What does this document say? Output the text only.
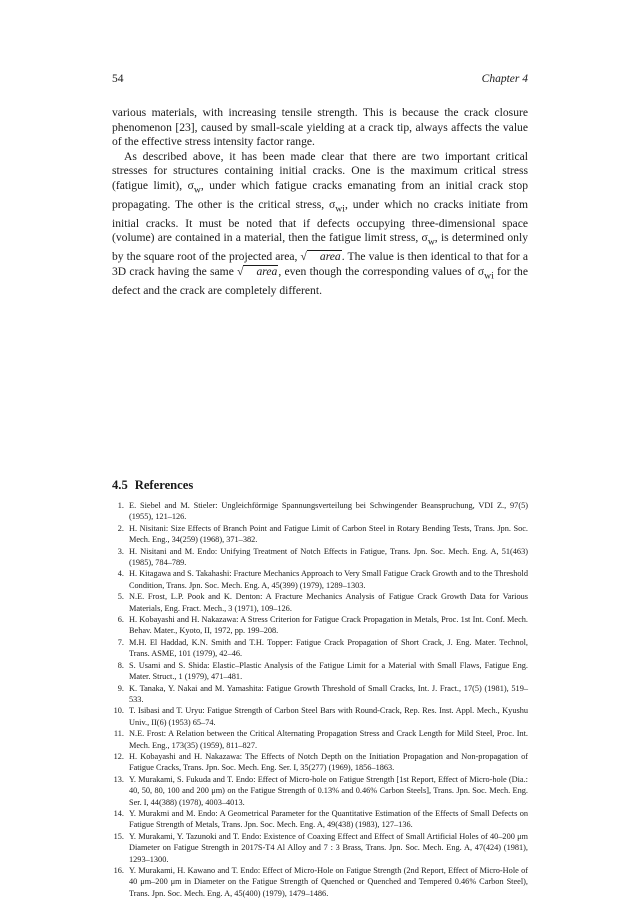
54	Chapter 4

various materials, with increasing tensile strength. This is because the crack closure phenomenon [23], caused by small-scale yielding at a crack tip, always affects the value of the effective stress intensity factor range.

As described above, it has been made clear that there are two important critical stresses for structures containing initial cracks. One is the maximum critical stress (fatigue limit), $\sigma_w$, under which fatigue cracks emanating from an initial crack stop propagating. The other is the critical stress, $\sigma_{wi}$, under which no cracks initiate from initial cracks. It must be noted that if defects occupying three-dimensional space (volume) are contained in a material, then the fatigue limit stress, $\sigma_w$, is determined only by the square root of the projected area, √ area. The value is then identical to that for a 3D crack having the same √ area, even though the corresponding values of $\sigma_{wi}$ for the defect and the crack are completely different.

4.5 References
1. E. Siebel and M. Stieler: Ungleichförmige Spannungsverteilung bei Schwingender Beanspruchung, VDI Z., 97(5) (1955), 121–126.
2. H. Nisitani: Size Effects of Branch Point and Fatigue Limit of Carbon Steel in Rotary Bending Tests, Trans. Jpn. Soc. Mech. Eng., 34(259) (1968), 371–382.
3. H. Nisitani and M. Endo: Unifying Treatment of Notch Effects in Fatigue, Trans. Jpn. Soc. Mech. Eng. A, 51(463) (1985), 784–789.
4. H. Kitagawa and S. Takahashi: Fracture Mechanics Approach to Very Small Fatigue Crack Growth and to the Threshold Condition, Trans. Jpn. Soc. Mech. Eng. A, 45(399) (1979), 1289–1303.
5. N.E. Frost, L.P. Pook and K. Denton: A Fracture Mechanics Analysis of Fatigue Crack Growth Data for Various Materials, Eng. Fract. Mech., 3 (1971), 109–126.
6. H. Kobayashi and H. Nakazawa: A Stress Criterion for Fatigue Crack Propagation in Metals, Proc. 1st Int. Conf. Mech. Behav. Mater., Kyoto, II, 1972, pp. 199–208.
7. M.H. El Haddad, K.N. Smith and T.H. Topper: Fatigue Crack Propagation of Short Crack, J. Eng. Mater. Technol, Trans. ASME, 101 (1979), 42–46.
8. S. Usami and S. Shida: Elastic–Plastic Analysis of the Fatigue Limit for a Material with Small Flaws, Fatigue Eng. Mater. Struct., 1 (1979), 471–481.
9. K. Tanaka, Y. Nakai and M. Yamashita: Fatigue Growth Threshold of Small Cracks, Int. J. Fract., 17(5) (1981), 519–533.
10. T. Isibasi and T. Uryu: Fatigue Strength of Carbon Steel Bars with Round-Crack, Rep. Res. Inst. Appl. Mech., Kyushu Univ., II(6) (1953) 65–74.
11. N.E. Frost: A Relation between the Critical Alternating Propagation Stress and Crack Length for Mild Steel, Proc. Int. Mech. Eng., 173(35) (1959), 811–827.
12. H. Kobayashi and H. Nakazawa: The Effects of Notch Depth on the Initiation Propagation and Non-propagation of Fatigue Cracks, Trans. Jpn. Soc. Mech. Eng. Ser. I, 35(277) (1969), 1856–1863.
13. Y. Murakami, S. Fukuda and T. Endo: Effect of Micro-hole on Fatigue Strength [1st Report, Effect of Micro-hole (Dia.: 40, 50, 80, 100 and 200 μm) on the Fatigue Strength of 0.13% and 0.46% Carbon Steels], Trans. Jpn. Soc. Mech. Eng. Ser. I, 44(388) (1978), 4003–4013.
14. Y. Murakmi and M. Endo: A Geometrical Parameter for the Quantitative Estimation of the Effects of Small Defects on Fatigue Strength of Metals, Trans. Jpn. Soc. Mech. Eng. A, 49(438) (1983), 127–136.
15. Y. Murakami, Y. Tazunoki and T. Endo: Existence of Coaxing Effect and Effect of Small Artificial Holes of 40–200 μm Diameter on Fatigue Strength in 2017S-T4 Al Alloy and 7 : 3 Brass, Trans. Jpn. Soc. Mech. Eng. A, 47(424) (1981), 1293–1300.
16. Y. Murakami, H. Kawano and T. Endo: Effect of Micro-Hole on Fatigue Strength (2nd Report, Effect of Micro-Hole of 40 μm–200 μm in Diameter on the Fatigue Strength of Quenched or Quenched and Tempered 0.46% Carbon Steel), Trans. Jpn. Soc. Mech. Eng. A, 45(400) (1979), 1479–1486.
